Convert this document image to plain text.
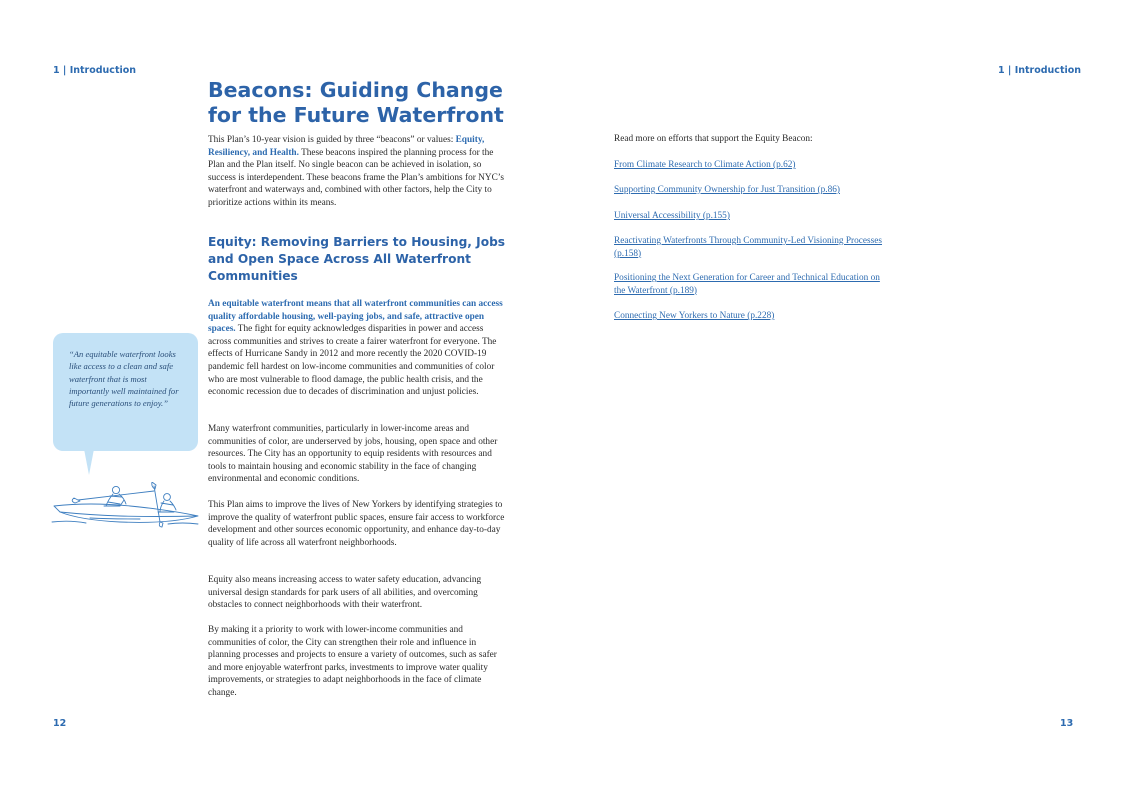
1 | Introduction
Beacons: Guiding Change for the Future Waterfront
This Plan’s 10-year vision is guided by three “beacons” or values: Equity, Resiliency, and Health. These beacons inspired the planning process for the Plan and the Plan itself. No single beacon can be achieved in isolation, so success is interdependent. These beacons frame the Plan’s ambitions for NYC’s waterfront and waterways and, combined with other factors, help the City to prioritize actions within its means.
Equity: Removing Barriers to Housing, Jobs and Open Space Across All Waterfront Communities
An equitable waterfront means that all waterfront communities can access quality affordable housing, well-paying jobs, and safe, attractive open spaces. The fight for equity acknowledges disparities in power and access across communities and strives to create a fairer waterfront for everyone. The effects of Hurricane Sandy in 2012 and more recently the 2020 COVID-19 pandemic fell hardest on low-income communities and communities of color who are most vulnerable to flood damage, the public health crisis, and the economic recession due to decades of discrimination and unjust policies.
Many waterfront communities, particularly in lower-income areas and communities of color, are underserved by jobs, housing, open space and other resources. The City has an opportunity to equip residents with resources and tools to maintain housing and economic stability in the face of changing environmental and economic conditions.
This Plan aims to improve the lives of New Yorkers by identifying strategies to improve the quality of waterfront public spaces, ensure fair access to workforce development and other sources economic opportunity, and enhance day-to-day quality of life across all waterfront neighborhoods.
Equity also means increasing access to water safety education, advancing universal design standards for park users of all abilities, and overcoming obstacles to connect neighborhoods with their waterfront.
By making it a priority to work with lower-income communities and communities of color, the City can strengthen their role and influence in planning processes and projects to ensure a variety of outcomes, such as safer and more enjoyable waterfront parks, investments to improve water quality improvements, or strategies to adapt neighborhoods in the face of climate change.
“An equitable waterfront looks like access to a clean and safe waterfront that is most importantly well maintained for future generations to enjoy.”
12
1 | Introduction
Read more on efforts that support the Equity Beacon:
From Climate Research to Climate Action (p.62)
Supporting Community Ownership for Just Transition (p.86)
Universal Accessibility (p.155)
Reactivating Waterfronts Through Community-Led Visioning Processes (p.158)
Positioning the Next Generation for Career and Technical Education on the Waterfront (p.189)
Connecting New Yorkers to Nature (p.228)
13
